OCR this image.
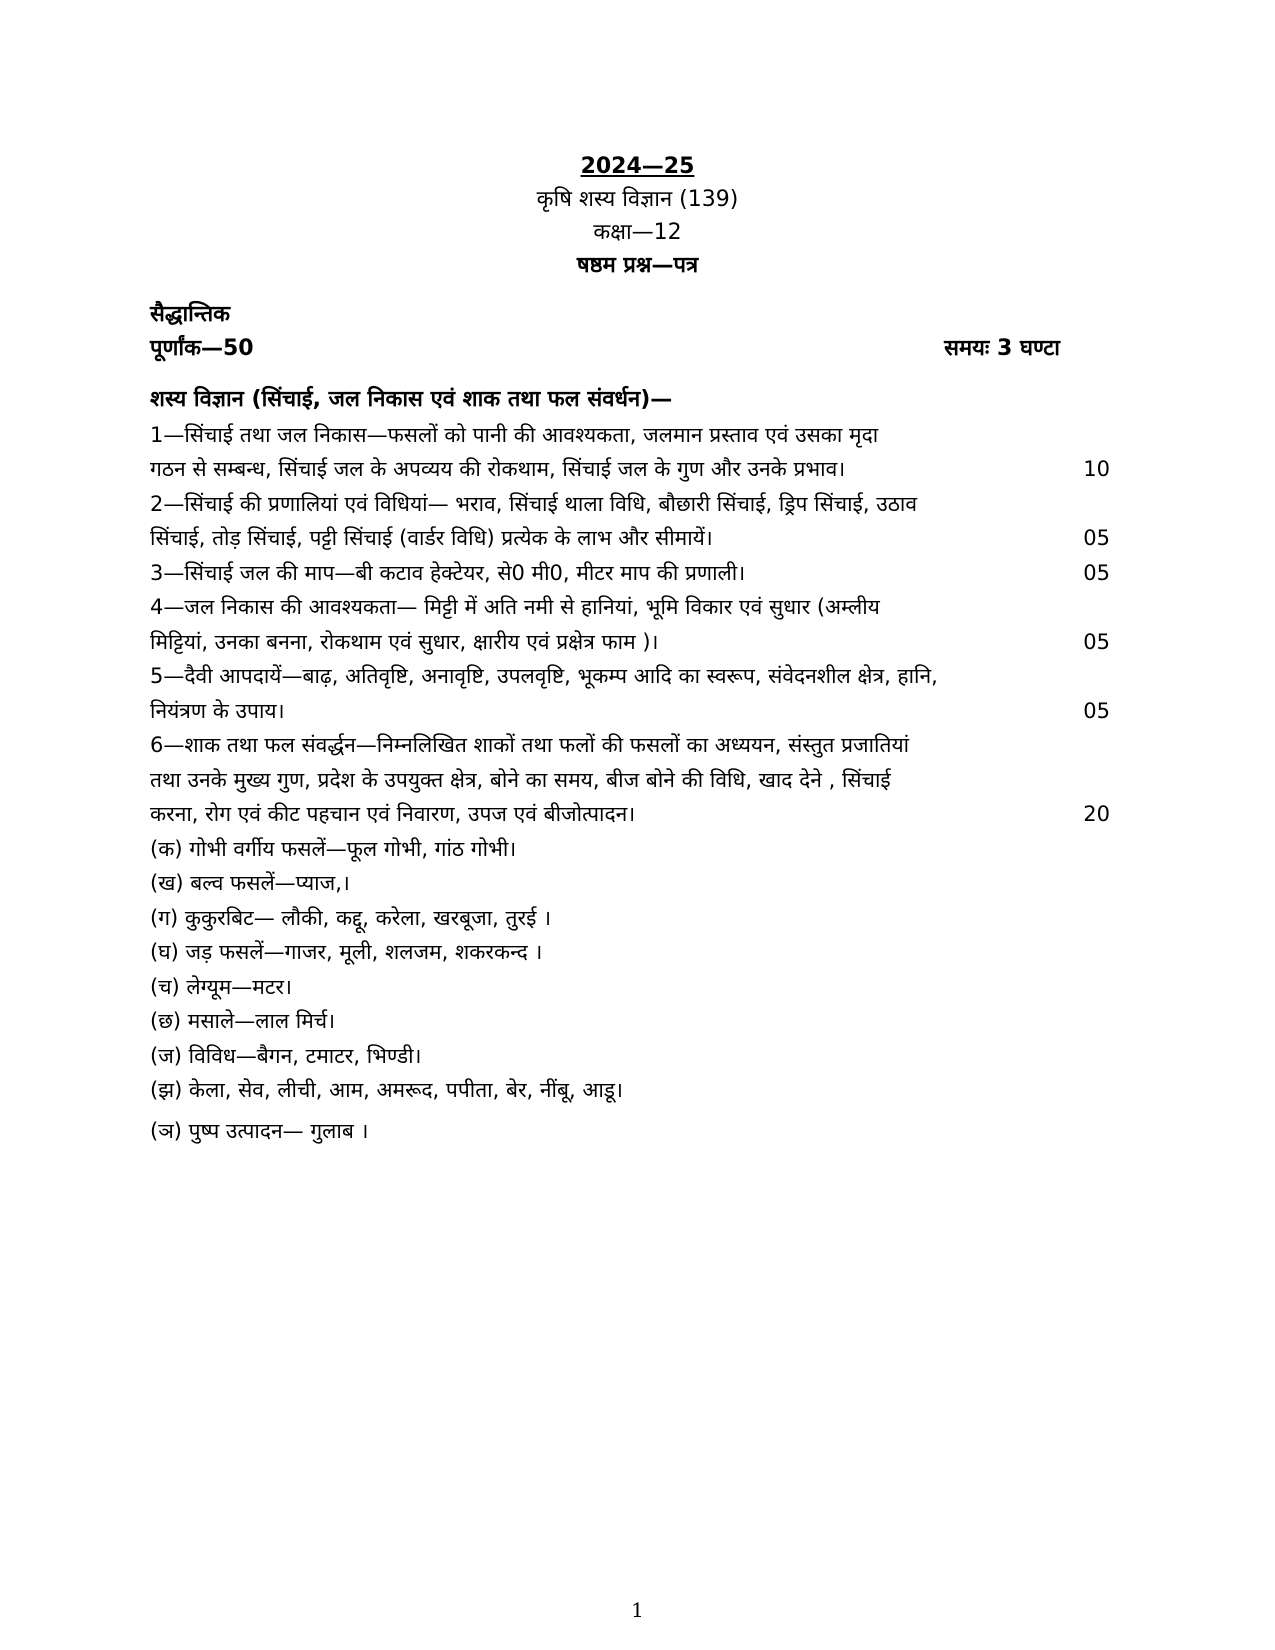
2024—25
कृषि शस्य विज्ञान (139)
कक्षा—12
षष्ठम प्रश्न—पत्र
सैद्धान्तिक
पूर्णांक—50	समयः 3 घण्टा
शस्य विज्ञान (सिंचाई, जल निकास एवं शाक तथा फल संवर्धन)—
1—सिंचाई तथा जल निकास—फसलों को पानी की आवश्यकता, जलमान प्रस्ताव एवं उसका मृदा
गठन से सम्बन्ध, सिंचाई जल के अपव्यय की रोकथाम, सिंचाई जल के गुण और उनके प्रभाव।	10
2—सिंचाई की प्रणालियां एवं विधियां— भराव, सिंचाई थाला विधि, बौछारी सिंचाई, ड्रिप सिंचाई, उठाव
सिंचाई, तोड़ सिंचाई, पट्टी सिंचाई (वार्डर विधि) प्रत्येक के लाभ और सीमायें।	05
3—सिंचाई जल की माप—बी कटाव हेक्टेयर, से0 मी0, मीटर माप की प्रणाली।	05
4—जल निकास की आवश्यकता— मिट्टी में अति नमी से हानियां, भूमि विकार एवं सुधार (अम्लीय
मिट्टियां, उनका बनना, रोकथाम एवं सुधार, क्षारीय एवं प्रक्षेत्र फाम )।	05
5—दैवी आपदायें—बाढ़, अतिवृष्टि, अनावृष्टि, उपलवृष्टि, भूकम्प आदि का स्वरूप, संवेदनशील क्षेत्र, हानि,
नियंत्रण के उपाय।	05
6—शाक तथा फल संवर्द्धन—निम्नलिखित शाकों तथा फलों की फसलों का अध्ययन, संस्तुत प्रजातियां
तथा उनके मुख्य गुण, प्रदेश के उपयुक्त क्षेत्र, बोने का समय, बीज बोने की विधि, खाद देने , सिंचाई
करना, रोग एवं कीट पहचान एवं निवारण, उपज एवं बीजोत्पादन।	20
(क) गोभी वर्गीय फसलें—फूल गोभी, गांठ गोभी।
(ख) बल्व फसलें—प्याज,।
(ग) कुकुरबिट— लौकी, कद्दू, करेला, खरबूजा, तुरई ।
(घ) जड़ फसलें—गाजर, मूली, शलजम, शकरकन्द ।
(च) लेग्यूम—मटर।
(छ) मसाले—लाल मिर्च।
(ज) विविध—बैगन, टमाटर, भिण्डी।
(झ) केला, सेव, लीची, आम, अमरूद, पपीता, बेर, नींबू, आडू।
(ञ) पुष्प उत्पादन— गुलाब ।
1
